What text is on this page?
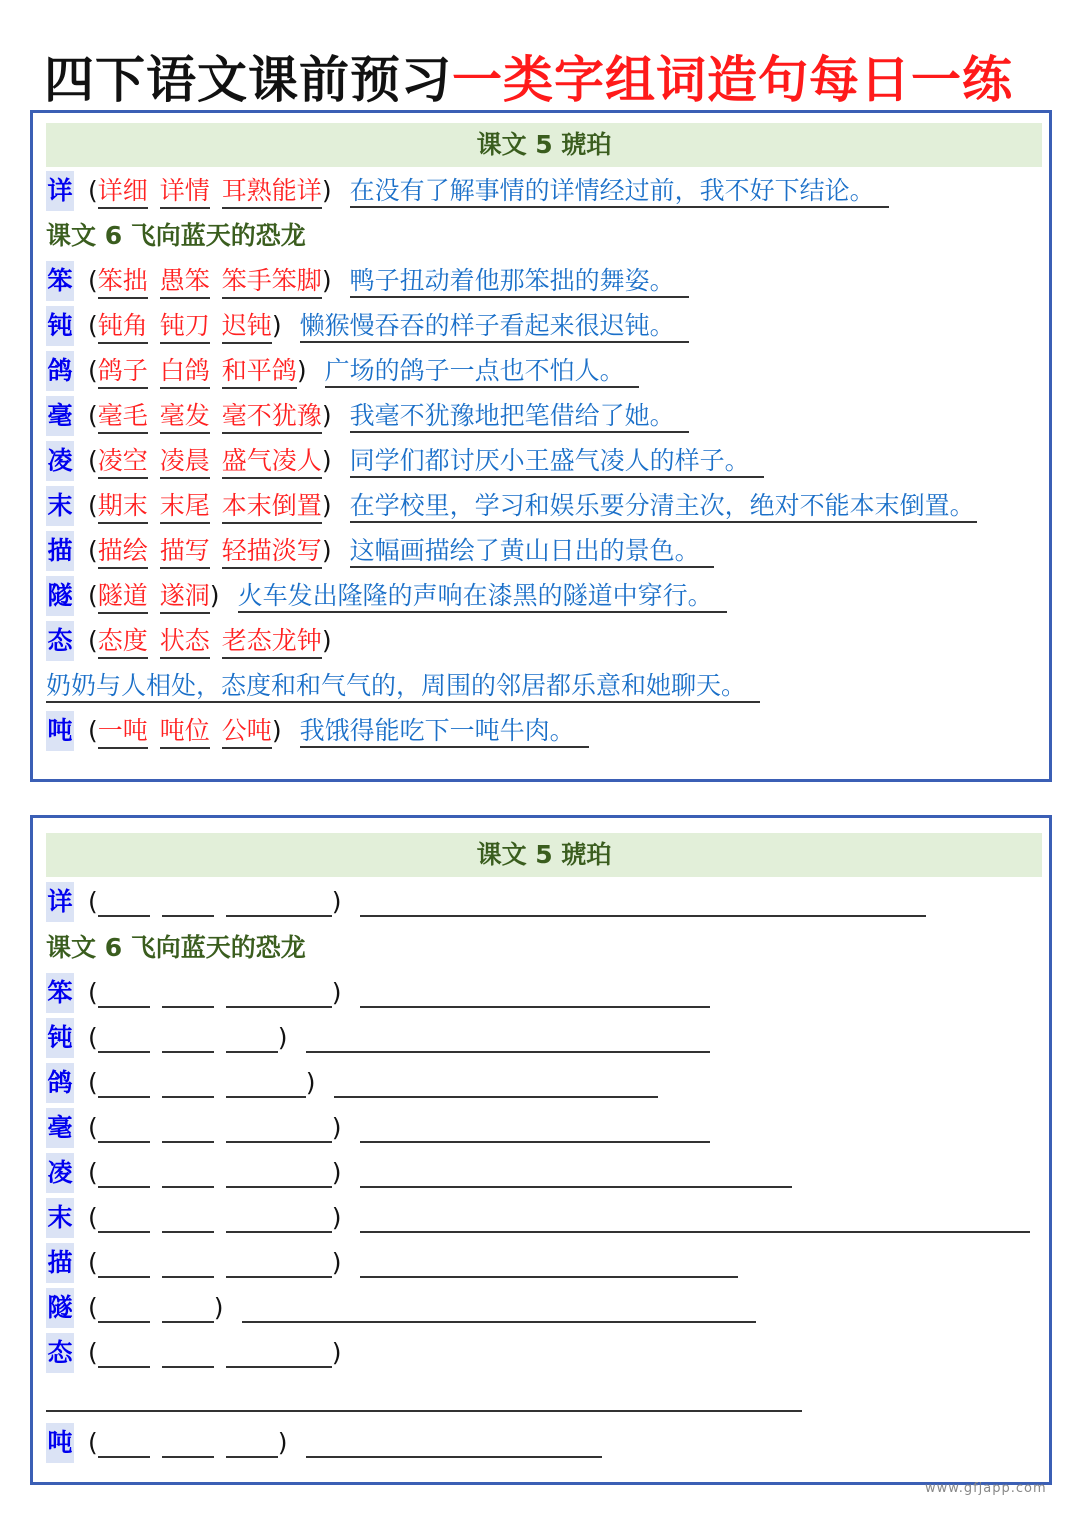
四下语文课前预习一类字组词造句每日一练
课文 5 琥珀
详 (详细 详情 耳熟能详) 在没有了解事情的详情经过前，我不好下结论。
课文 6 飞向蓝天的恐龙
笨 (笨拙 愚笨 笨手笨脚) 鸭子扭动着他那笨拙的舞姿。
钝 (钝角 钝刀 迟钝) 懒猴慢吞吞的样子看起来很迟钝。
鸽 (鸽子 白鸽 和平鸽) 广场的鸽子一点也不怕人。
毫 (毫毛 毫发 毫不犹豫) 我毫不犹豫地把笔借给了她。
凌 (凌空 凌晨 盛气凌人) 同学们都讨厌小王盛气凌人的样子。
末 (期末 末尾 本末倒置) 在学校里，学习和娱乐要分清主次，绝对不能本末倒置。
描 (描绘 描写 轻描淡写) 这幅画描绘了黄山日出的景色。
隧 (隧道 遂洞) 火车发出隆隆的声响在漆黑的隧道中穿行。
态 (态度 状态 老态龙钟)
奶奶与人相处，态度和和气气的，周围的邻居都乐意和她聊天。
吨 (一吨 吨位 公吨) 我饿得能吃下一吨牛肉。
课文 5 琥珀
详 (	)
课文 6 飞向蓝天的恐龙
笨 (	)
钝 (	)
鸽 (	)
毫 (	)
凌 (	)
末 (	)
描 (	)
隧 (	)
态 (	)
吨 (	)
www.gfjapp.com
